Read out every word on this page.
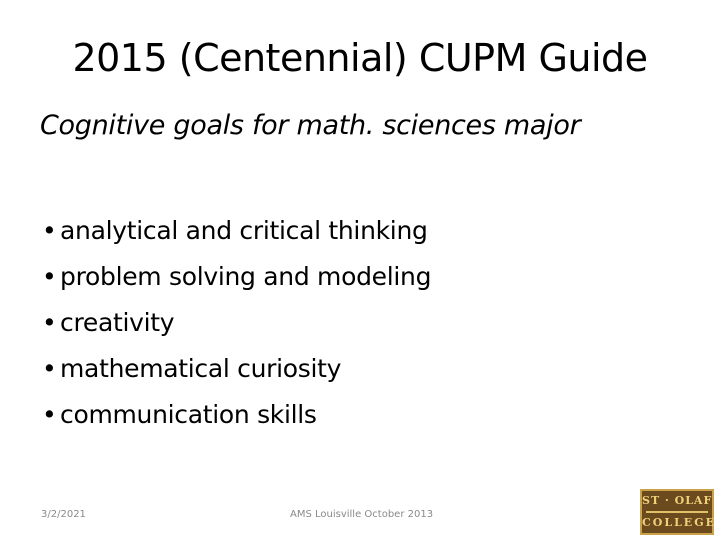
2015 (Centennial) CUPM Guide
Cognitive goals for math. sciences major
• analytical and critical thinking
• problem solving and modeling
• creativity
• mathematical curiosity
• communication skills
3/2/2021	AMS Louisville October 2013
ST · OLAF
COLLEGE
